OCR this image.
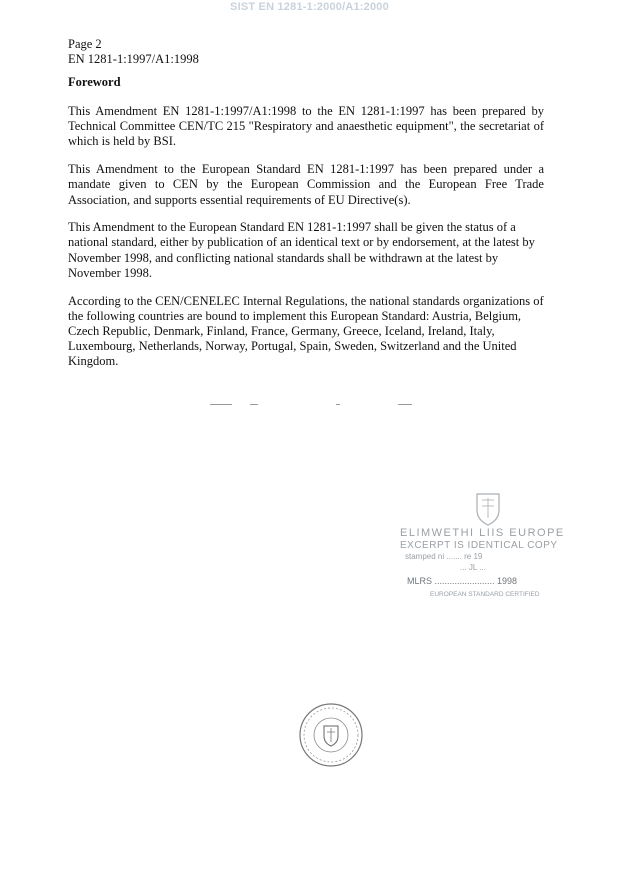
SIST EN 1281-1:2000/A1:2000
Page 2
EN 1281-1:1997/A1:1998
Foreword

This Amendment EN 1281-1:1997/A1:1998 to the EN 1281-1:1997 has been prepared by Technical Committee CEN/TC 215 "Respiratory and anaesthetic equipment", the secretariat of which is held by BSI.

This Amendment to the European Standard EN 1281-1:1997 has been prepared under a mandate given to CEN by the European Commission and the European Free Trade Association, and supports essential requirements of EU Directive(s).

This Amendment to the European Standard EN 1281-1:1997 shall be given the status of a national standard, either by publication of an identical text or by endorsement, at the latest by November 1998, and conflicting national standards shall be withdrawn at the latest by November 1998.

According to the CEN/CENELEC Internal Regulations, the national standards organizations of the following countries are bound to implement this European Standard: Austria, Belgium, Czech Republic, Denmark, Finland, France, Germany, Greece, Iceland, Ireland, Italy, Luxembourg, Netherlands, Norway, Portugal, Spain, Sweden, Switzerland and the United Kingdom.

ELIMWETHI LIIS EUROPE
EXCERPT IS IDENTICAL COPY
stamped ni ....... re 19
... JL ...
MLRS ........................ 1998
EUROPEAN STANDARD CERTIFIED
